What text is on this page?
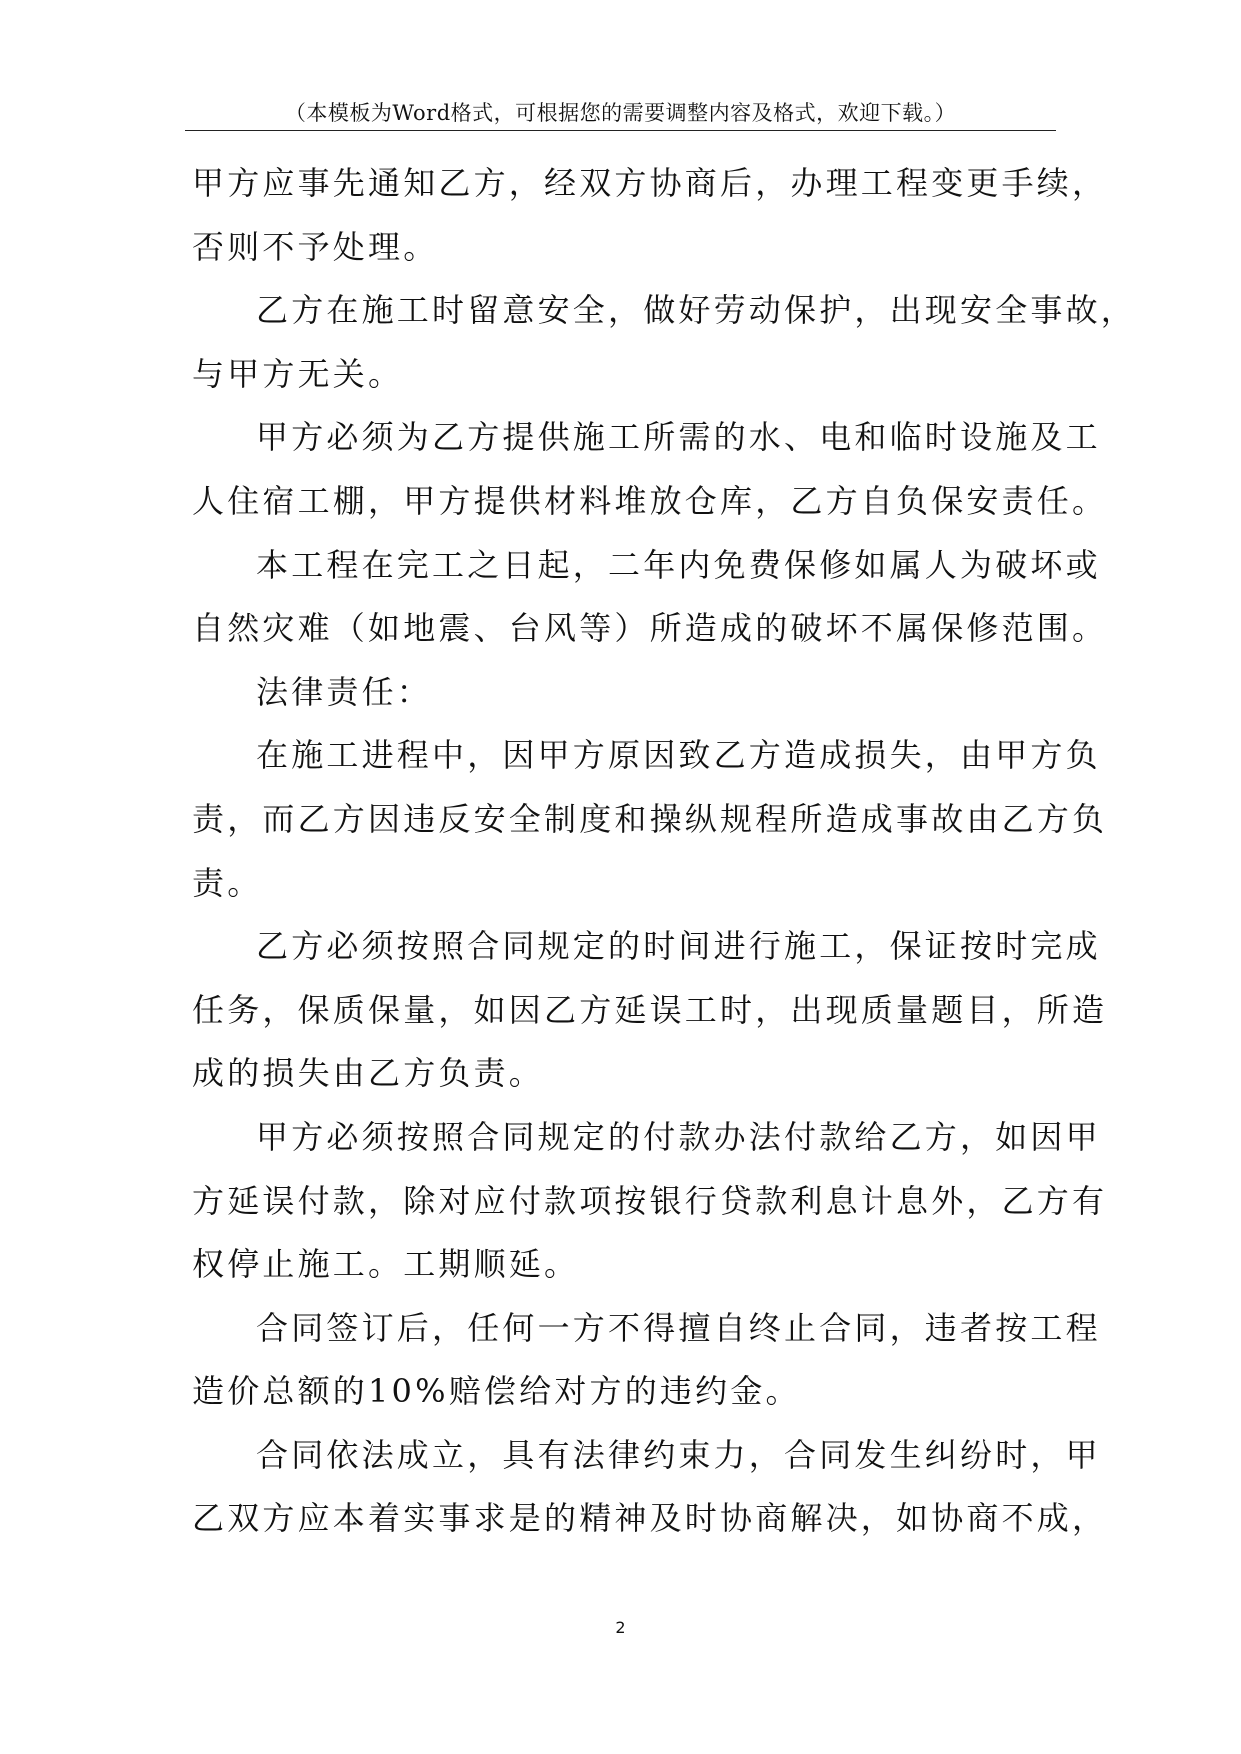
（本模板为Word格式，可根据您的需要调整内容及格式，欢迎下载。）

甲方应事先通知乙方，经双方协商后，办理工程变更手续，
否则不予处理。

乙方在施工时留意安全，做好劳动保护，出现安全事故，
与甲方无关。

甲方必须为乙方提供施工所需的水、电和临时设施及工
人住宿工棚，甲方提供材料堆放仓库，乙方自负保安责任。

本工程在完工之日起，二年内免费保修如属人为破坏或
自然灾难（如地震、台风等）所造成的破坏不属保修范围。

法律责任：

在施工进程中，因甲方原因致乙方造成损失，由甲方负
责，而乙方因违反安全制度和操纵规程所造成事故由乙方负
责。

乙方必须按照合同规定的时间进行施工，保证按时完成
任务，保质保量，如因乙方延误工时，出现质量题目，所造
成的损失由乙方负责。

甲方必须按照合同规定的付款办法付款给乙方，如因甲
方延误付款，除对应付款项按银行贷款利息计息外，乙方有
权停止施工。工期顺延。

合同签订后，任何一方不得擅自终止合同，违者按工程
造价总额的10%赔偿给对方的违约金。

合同依法成立，具有法律约束力，合同发生纠纷时，甲
乙双方应本着实事求是的精神及时协商解决，如协商不成，

2
